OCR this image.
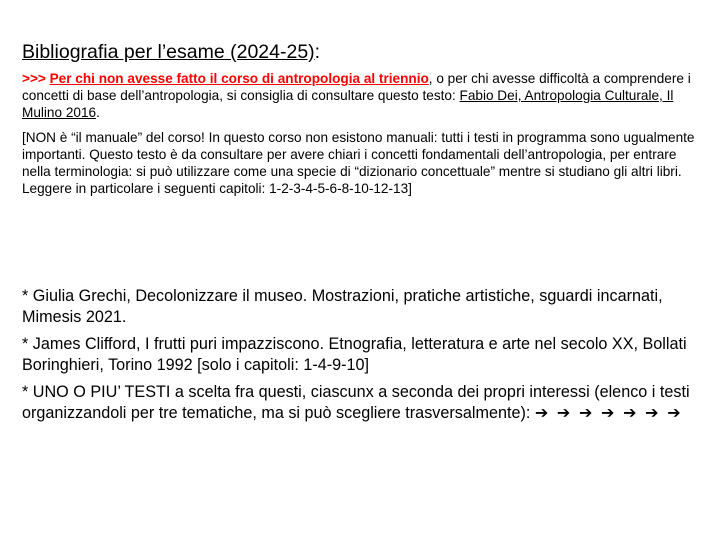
Bibliografia per l’esame (2024-25):

>>> Per chi non avesse fatto il corso di antropologia al triennio, o per chi avesse difficoltà a comprendere i concetti di base dell’antropologia, si consiglia di consultare questo testo: Fabio Dei, Antropologia Culturale, Il Mulino 2016.

[NON è “il manuale” del corso! In questo corso non esistono manuali: tutti i testi in programma sono ugualmente importanti. Questo testo è da consultare per avere chiari i concetti fondamentali dell’antropologia, per entrare nella terminologia: si può utilizzare come una specie di “dizionario concettuale” mentre si studiano gli altri libri. Leggere in particolare i seguenti capitoli: 1-2-3-4-5-6-8-10-12-13]

* Giulia Grechi, Decolonizzare il museo. Mostrazioni, pratiche artistiche, sguardi incarnati, Mimesis 2021.

* James Clifford, I frutti puri impazziscono. Etnografia, letteratura e arte nel secolo XX, Bollati Boringhieri, Torino 1992 [solo i capitoli: 1-4-9-10]

* UNO O PIU’ TESTI a scelta fra questi, ciascunx a seconda dei propri interessi (elenco i testi organizzandoli per tre tematiche, ma si può scegliere trasversalmente): ➔ ➔ ➔ ➔ ➔ ➔ ➔
